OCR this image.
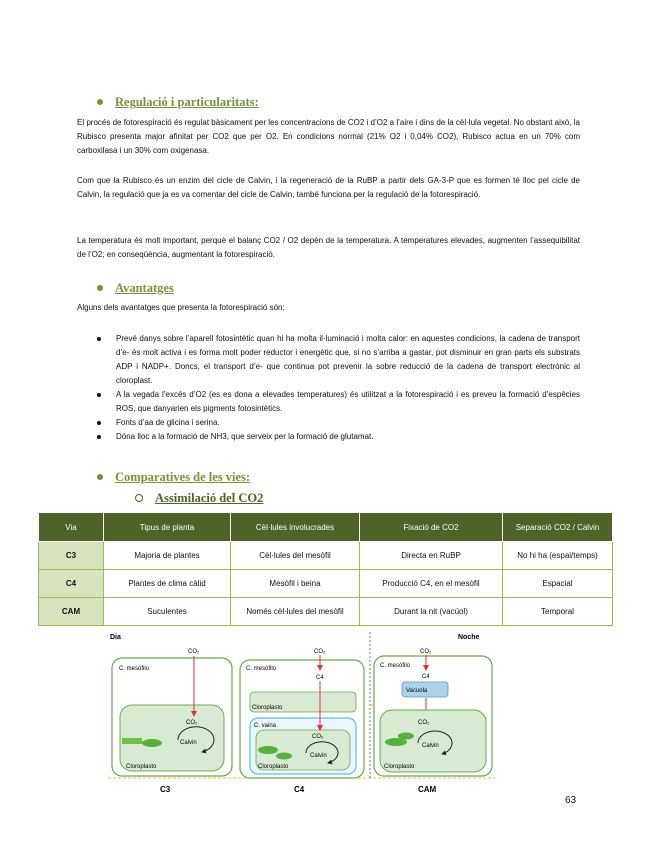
Regulació i particularitats:
El procés de fotorespiració és regulat bàsicament per les concentracions de CO2 i d’O2 a l’aire i dins de la cèl·lula vegetal. No obstant això, la Rubisco presenta major afinitat per CO2 que per O2. En condicions normal (21% O2 i 0,04% CO2), Rubisco actua en un 70% com carboxilasa i un 30% com oxigenasa.
Com que la Rubisco és un enzim del cicle de Calvin, i la regeneració de la RuBP a partir dels GA-3-P que es formen té lloc pel cicle de Calvin, la regulació que ja es va comentar del cicle de Calvin, també funciona per la regulació de la fotorespiració.
La temperatura és molt important, perquè el balanç CO2 / O2 depèn de la temperatura. A temperatures elevades, augmenten l’assequibilitat de l’O2; en conseqüència, augmentant la fotorespiració.
Avantatges
Alguns dels avantatges que presenta la fotorespiració són:
Prevé danys sobre l’aparell fotosintètic quan hi ha molta il·luminació i molta calor: en aquestes condicions, la cadena de transport d’e- és molt activa i es forma molt poder reductor i energètic que, si no s’arriba a gastar, pot disminuir en gran parts els substrats ADP i NADP+. Doncs, el transport d’e- que continua pot prevenir la sobre reducció de la cadena de transport electrònic al cloroplast.
A la vegada l’excés d’O2 (es es dona a elevades temperatures) és utilitzat a la fotorespiració i es preveu la formació d’espècies ROS, que danyarien els pigments fotosintètics.
Fonts d’aa de glicina i serina.
Dóna lloc a la formació de NH3, que serveix per la formació de glutamat.
Comparatives de les vies:
Assimilació del CO2
Via	Tipus de planta	Cèl·lules involucrades	Fixació de CO2	Separació CO2 / Calvin
C3	Majoria de plantes	Cèl·lules del mesòfil	Directa en RuBP	No hi ha (espai/temps)
C4	Plantes de clima càlid	Mesòfil i beina	Producció C4, en el mesòfil	Espacial
CAM	Suculentes	Només cèl·lules del mesòfil	Durant la nit (vacúol)	Temporal
Dia	Noche
C. mesófilo
Cloroplasto
CO₂
CO₂
Calvin
C. mesófilo
Cloroplasto
C. vaina
Cloroplasto
CO₂
C4
CO₂
Calvin
C. mesófilo
Vacuola
CO₂
C4
Cloroplasto
CO₂
Calvin
C3	C4	CAM
63
